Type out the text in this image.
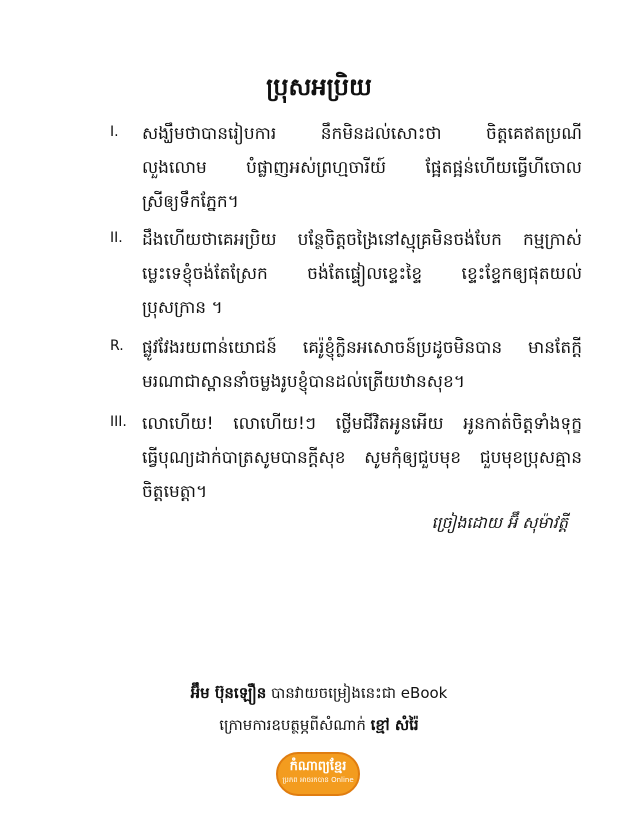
ប្រុសអប្រិយ
I. សង្ឃឹមថាបានរៀបការ នឹកមិនដល់សោះថា ចិត្តគេឥតប្រណី
លួងលោម បំផ្លាញអស់ព្រហ្មចារីយ៍ ផ្អែតផ្អន់ហើយធ្វើហីចោល
ស្រីឲ្យទឹកភ្នែក។
II. ដឹងហើយថាគេអប្រិយ បន្ថែចិត្តចង្រៃនៅស្មុគ្រមិនចង់បែក កម្មក្រាស់
ម្លេះទេខ្ញុំចង់តែស្រែក ចង់តែផ្ទៀលខ្ទេះខ្ទៃ ខ្ទេះខ្ទែកឲ្យផុតយល់
ប្រុសក្រាន ។
R. ផ្លូវវែងរយពាន់យោជន៍ គេរ៉ូខ្ញុំក្លិនអសោចន៍ប្រដូចមិនបាន មានតែក្ដី
មរណាជាស្ពាននាំចម្លងរូបខ្ញុំបានដល់ត្រើយឋានសុខ។
III. លោហើយ! លោហើយ!ៗ ថ្លើមជីវិតអូនអើយ អូនកាត់ចិត្តទាំងទុក្ខ
ធ្វើបុណ្យដាក់បាត្រសូមបានក្ដីសុខ សូមកុំឲ្យជួបមុខ ជួបមុខប្រុសគ្មាន
ចិត្តមេត្តា។
ច្រៀងដោយ អ៊ឹ សុម៉ាវត្តី
អ៊ឹម ប៊ុនឡឿន បានវាយចម្រៀងនេះជា eBook
ក្រោមការឧបត្ថម្ភពីសំណាក់ ខ្មៅ សំរ៉ៃ
កំណាព្យខ្មែរ
ប្រភព អាចរកបាន Online
